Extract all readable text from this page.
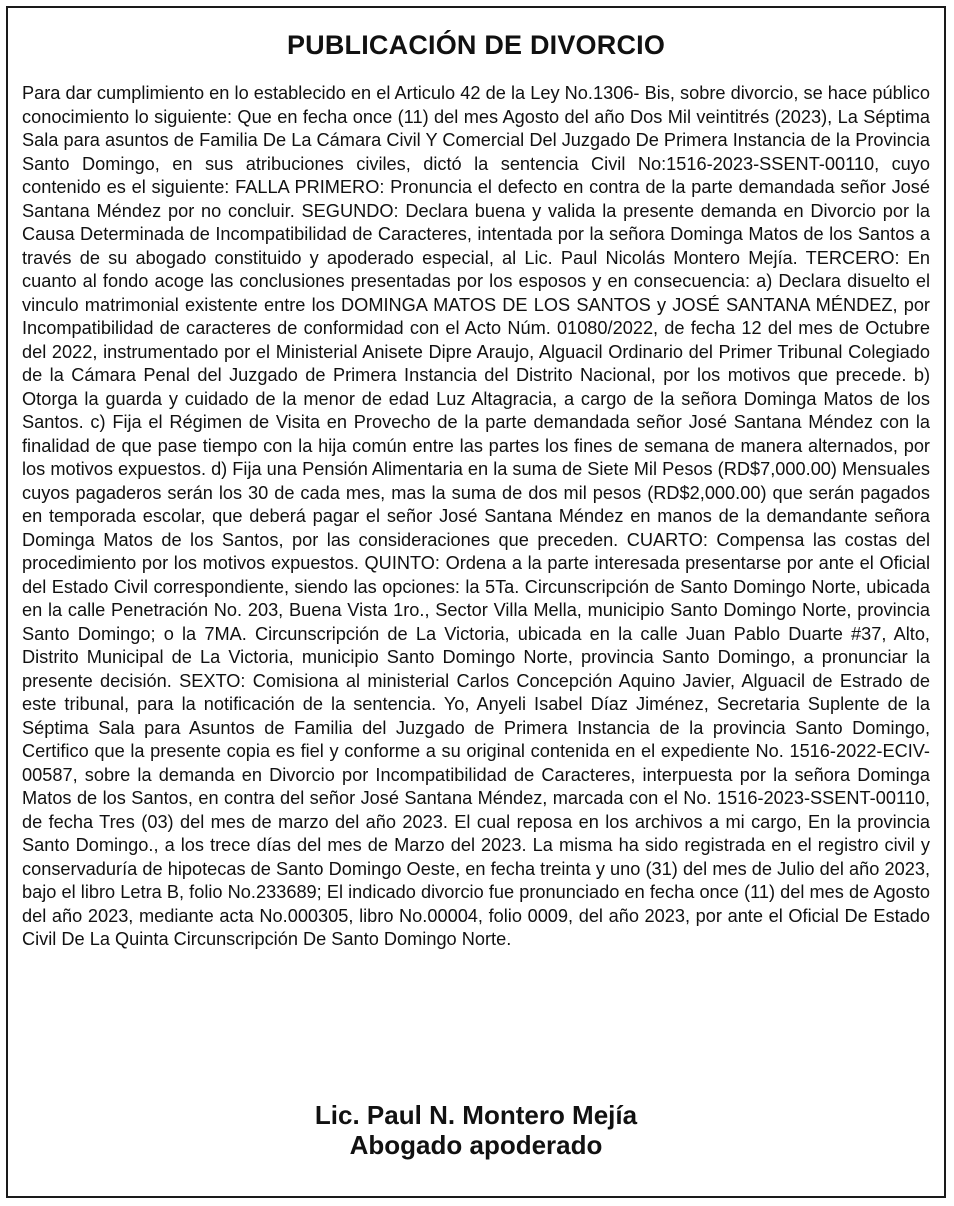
PUBLICACIÓN DE DIVORCIO

Para dar cumplimiento en lo establecido en el Articulo 42 de la Ley No.1306- Bis, sobre divorcio, se hace público conocimiento lo siguiente: Que en fecha once (11) del mes Agosto del año Dos Mil veintitrés (2023), La Séptima Sala para asuntos de Familia De La Cámara Civil Y Comercial Del Juzgado De Primera Instancia de la Provincia Santo Domingo, en sus atribuciones civiles, dictó la sentencia Civil No:1516-2023-SSENT-00110, cuyo contenido es el siguiente: FALLA PRIMERO: Pronuncia el defecto en contra de la parte demandada señor José Santana Méndez por no concluir. SEGUNDO: Declara buena y valida la presente demanda en Divorcio por la Causa Determinada de Incompatibilidad de Caracteres, intentada por la señora Dominga Matos de los Santos a través de su abogado constituido y apoderado especial, al Lic. Paul Nicolás Montero Mejía. TERCERO: En cuanto al fondo acoge las conclusiones presentadas por los esposos y en consecuencia: a) Declara disuelto el vinculo matrimonial existente entre los DOMINGA MATOS DE LOS SANTOS y JOSÉ SANTANA MÉNDEZ, por Incompatibilidad de caracteres de conformidad con el Acto Núm. 01080/2022, de fecha 12 del mes de Octubre del 2022, instrumentado por el Ministerial Anisete Dipre Araujo, Alguacil Ordinario del Primer Tribunal Colegiado de la Cámara Penal del Juzgado de Primera Instancia del Distrito Nacional, por los motivos que precede. b) Otorga la guarda y cuidado de la menor de edad Luz Altagracia, a cargo de la señora Dominga Matos de los Santos. c) Fija el Régimen de Visita en Provecho de la parte demandada señor José Santana Méndez con la finalidad de que pase tiempo con la hija común entre las partes los fines de semana de manera alternados, por los motivos expuestos. d) Fija una Pensión Alimentaria en la suma de Siete Mil Pesos (RD$7,000.00) Mensuales cuyos pagaderos serán los 30 de cada mes, mas la suma de dos mil pesos (RD$2,000.00) que serán pagados en temporada escolar, que deberá pagar el señor José Santana Méndez en manos de la demandante señora Dominga Matos de los Santos, por las consideraciones que preceden. CUARTO: Compensa las costas del procedimiento por los motivos expuestos. QUINTO: Ordena a la parte interesada presentarse por ante el Oficial del Estado Civil correspondiente, siendo las opciones: la 5Ta. Circunscripción de Santo Domingo Norte, ubicada en la calle Penetración No. 203, Buena Vista 1ro., Sector Villa Mella, municipio Santo Domingo Norte, provincia Santo Domingo; o la 7MA. Circunscripción de La Victoria, ubicada en la calle Juan Pablo Duarte #37, Alto, Distrito Municipal de La Victoria, municipio Santo Domingo Norte, provincia Santo Domingo, a pronunciar la presente decisión. SEXTO: Comisiona al ministerial Carlos Concepción Aquino Javier, Alguacil de Estrado de este tribunal, para la notificación de la sentencia. Yo, Anyeli Isabel Díaz Jiménez, Secretaria Suplente de la Séptima Sala para Asuntos de Familia del Juzgado de Primera Instancia de la provincia Santo Domingo, Certifico que la presente copia es fiel y conforme a su original contenida en el expediente No. 1516-2022-ECIV-00587, sobre la demanda en Divorcio por Incompatibilidad de Caracteres, interpuesta por la señora Dominga Matos de los Santos, en contra del señor José Santana Méndez, marcada con el No. 1516-2023-SSENT-00110, de fecha Tres (03) del mes de marzo del año 2023. El cual reposa en los archivos a mi cargo, En la provincia Santo Domingo., a los trece días del mes de Marzo del 2023. La misma ha sido registrada en el registro civil y conservaduría de hipotecas de Santo Domingo Oeste, en fecha treinta y uno (31) del mes de Julio del año 2023, bajo el libro Letra B, folio No.233689; El indicado divorcio fue pronunciado en fecha once (11) del mes de Agosto del año 2023, mediante acta No.000305, libro No.00004, folio 0009, del año 2023, por ante el Oficial De Estado Civil De La Quinta Circunscripción De Santo Domingo Norte.

Lic. Paul N. Montero Mejía
Abogado apoderado
